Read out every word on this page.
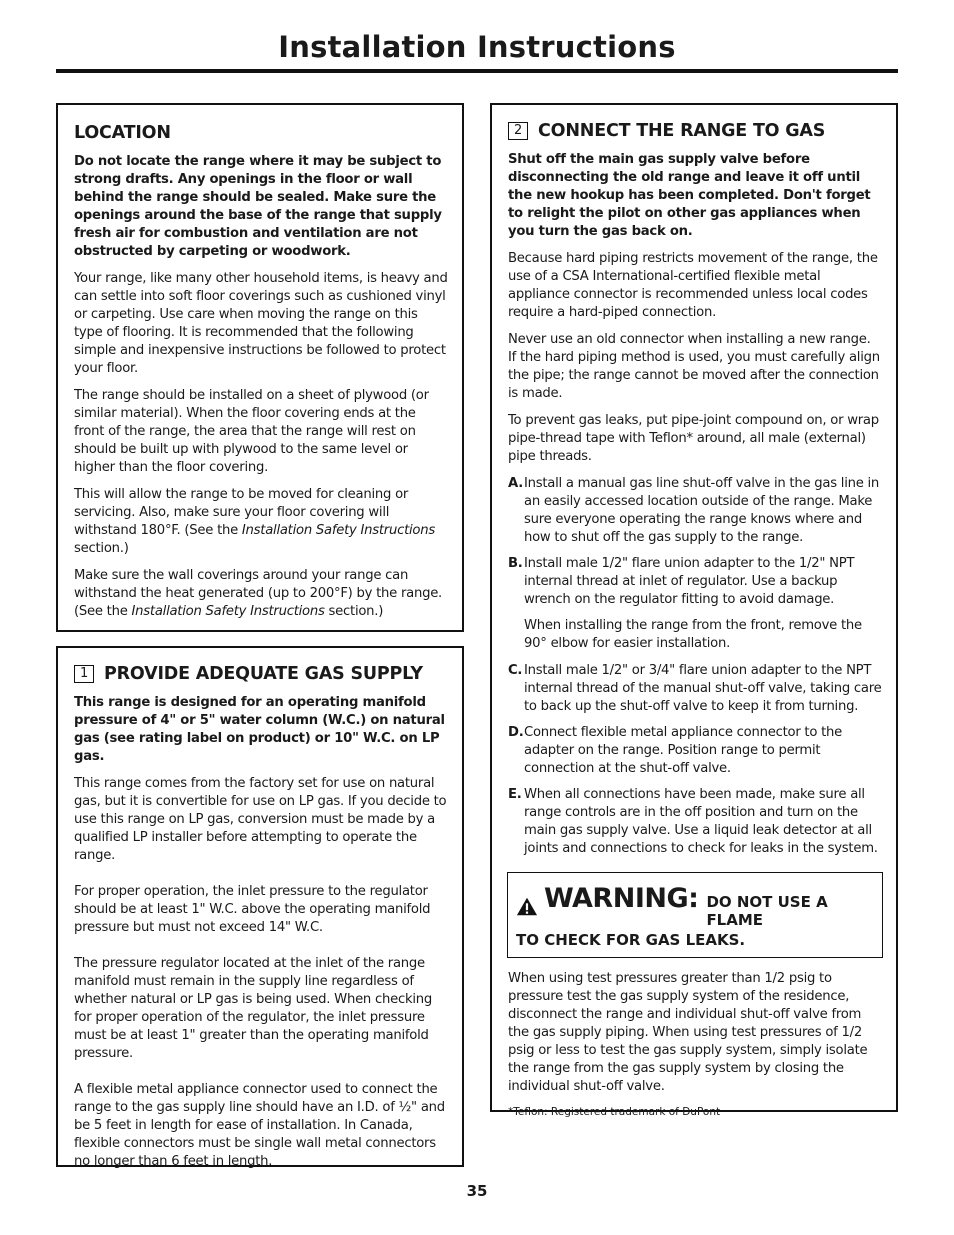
Installation Instructions
LOCATION

Do not locate the range where it may be subject to strong drafts. Any openings in the floor or wall behind the range should be sealed. Make sure the openings around the base of the range that supply fresh air for combustion and ventilation are not obstructed by carpeting or woodwork.

Your range, like many other household items, is heavy and can settle into soft floor coverings such as cushioned vinyl or carpeting. Use care when moving the range on this type of flooring. It is recommended that the following simple and inexpensive instructions be followed to protect your floor.

The range should be installed on a sheet of plywood (or similar material). When the floor covering ends at the front of the range, the area that the range will rest on should be built up with plywood to the same level or higher than the floor covering.

This will allow the range to be moved for cleaning or servicing. Also, make sure your floor covering will withstand 180°F. (See the Installation Safety Instructions section.)

Make sure the wall coverings around your range can withstand the heat generated (up to 200°F) by the range. (See the Installation Safety Instructions section.)

1 PROVIDE ADEQUATE GAS SUPPLY

This range is designed for an operating manifold pressure of 4" or 5" water column (W.C.) on natural gas (see rating label on product) or 10" W.C. on LP gas.

This range comes from the factory set for use on natural gas, but it is convertible for use on LP gas. If you decide to use this range on LP gas, conversion must be made by a qualified LP installer before attempting to operate the range.

For proper operation, the inlet pressure to the regulator should be at least 1" W.C. above the operating manifold pressure but must not exceed 14" W.C.

The pressure regulator located at the inlet of the range manifold must remain in the supply line regardless of whether natural or LP gas is being used. When checking for proper operation of the regulator, the inlet pressure must be at least 1" greater than the operating manifold pressure.

A flexible metal appliance connector used to connect the range to the gas supply line should have an I.D. of ½" and be 5 feet in length for ease of installation. In Canada, flexible connectors must be single wall metal connectors no longer than 6 feet in length.

2 CONNECT THE RANGE TO GAS

Shut off the main gas supply valve before disconnecting the old range and leave it off until the new hookup has been completed. Don't forget to relight the pilot on other gas appliances when you turn the gas back on.

Because hard piping restricts movement of the range, the use of a CSA International-certified flexible metal appliance connector is recommended unless local codes require a hard-piped connection.

Never use an old connector when installing a new range. If the hard piping method is used, you must carefully align the pipe; the range cannot be moved after the connection is made.

To prevent gas leaks, put pipe-joint compound on, or wrap pipe-thread tape with Teflon* around, all male (external) pipe threads.

A. Install a manual gas line shut-off valve in the gas line in an easily accessed location outside of the range. Make sure everyone operating the range knows where and how to shut off the gas supply to the range.
B. Install male 1/2" flare union adapter to the 1/2" NPT internal thread at inlet of regulator. Use a backup wrench on the regulator fitting to avoid damage.

When installing the range from the front, remove the 90° elbow for easier installation.

C. Install male 1/2" or 3/4" flare union adapter to the NPT internal thread of the manual shut-off valve, taking care to back up the shut-off valve to keep it from turning.
D. Connect flexible metal appliance connector to the adapter on the range. Position range to permit connection at the shut-off valve.
E. When all connections have been made, make sure all range controls are in the off position and turn on the main gas supply valve. Use a liquid leak detector at all joints and connections to check for leaks in the system.
WARNING: DO NOT USE A FLAME
TO CHECK FOR GAS LEAKS.

When using test pressures greater than 1/2 psig to pressure test the gas supply system of the residence, disconnect the range and individual shut-off valve from the gas supply piping. When using test pressures of 1/2 psig or less to test the gas supply system, simply isolate the range from the gas supply system by closing the individual shut-off valve.

*Teflon: Registered trademark of DuPont
35
